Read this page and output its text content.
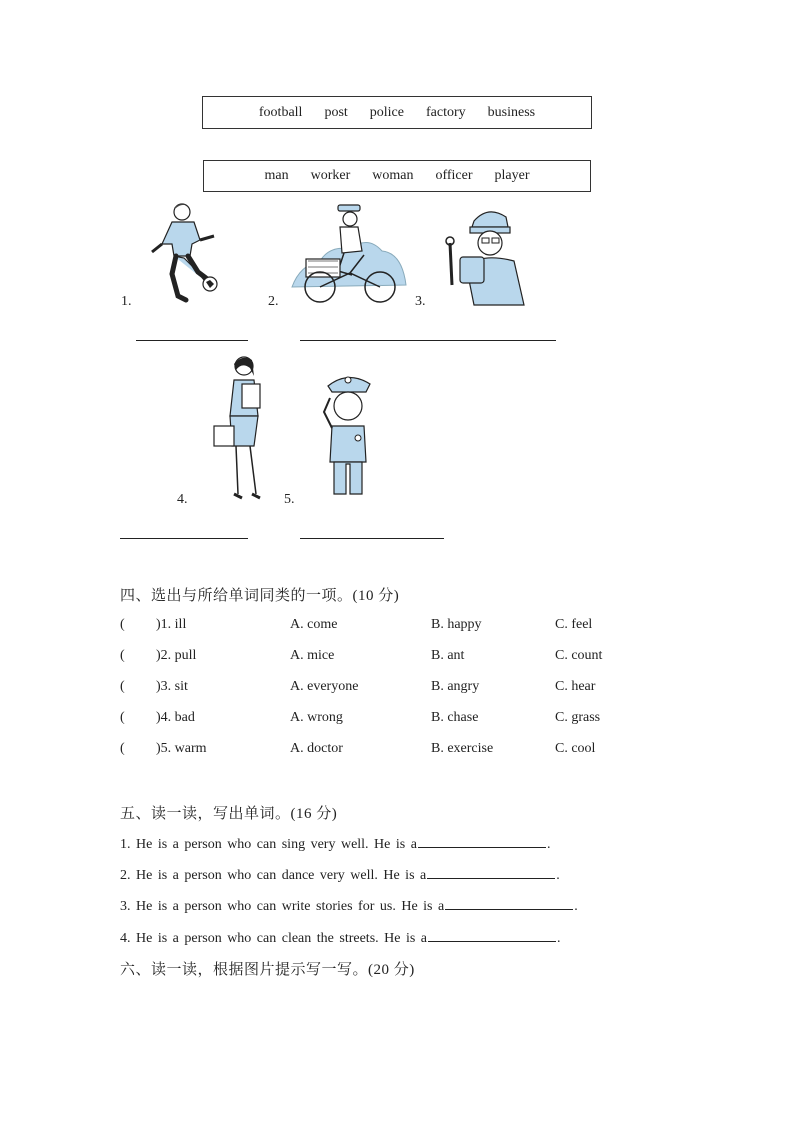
football	post	police	factory	business
man	worker	woman	officer	player
1.	2.	3.
4.	5.
四、选出与所给单词同类的一项。(10 分)
( )1. ill	A. come	B. happy	C. feel
( )2. pull	A. mice	B. ant	C. count
( )3. sit	A. everyone	B. angry	C. hear
( )4. bad	A. wrong	B. chase	C. grass
( )5. warm	A. doctor	B. exercise	C. cool
五、读一读，写出单词。(16 分)
1. He is a person who can sing very well. He is a	.
2. He is a person who can dance very well. He is a	.
3. He is a person who can write stories for us. He is a	.
4. He is a person who can clean the streets. He is a	.
六、读一读，根据图片提示写一写。(20 分)
